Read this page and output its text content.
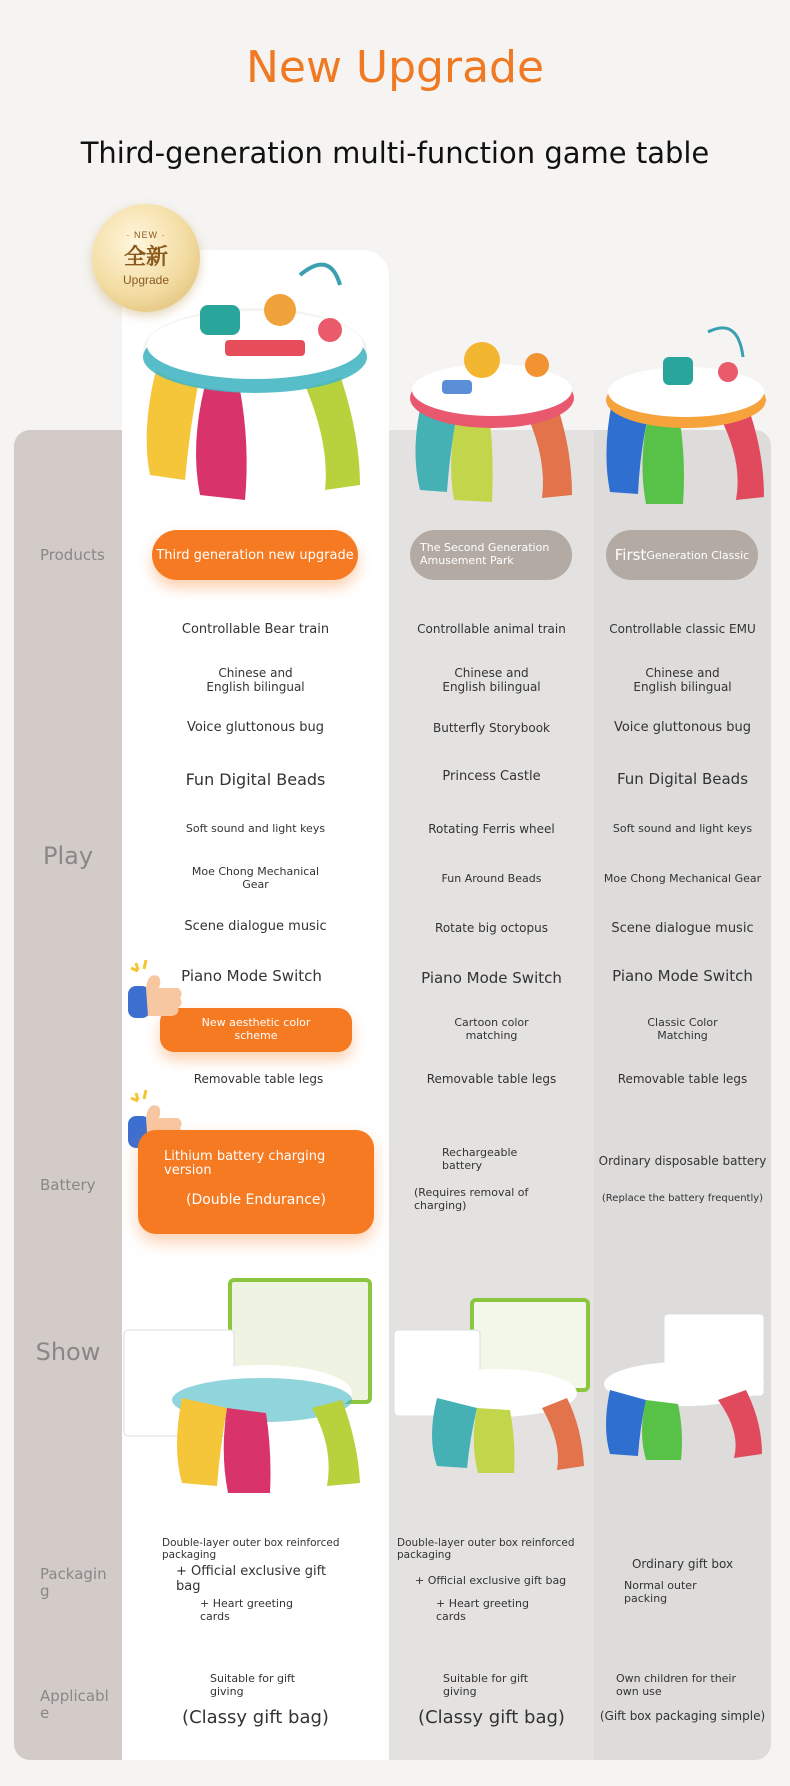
New Upgrade
Third-generation multi-function game table
· NEW ·
全新
Upgrade
Products
Play
Battery
Show
Packagin
g
Applicabl
e
Third generation new upgrade	The Second Generation Amusement Park	First Generation Classic
Controllable Bear train
Chinese and
English bilingual
Voice gluttonous bug
Fun Digital Beads
Soft sound and light keys
Moe Chong Mechanical
Gear
Scene dialogue music
Piano Mode Switch
New aesthetic color
scheme
Removable table legs
Controllable animal train
Chinese and
English bilingual
Butterfly Storybook
Princess Castle
Rotating Ferris wheel
Fun Around Beads
Rotate big octopus
Piano Mode Switch
Cartoon color
matching
Removable table legs
Controllable classic EMU
Chinese and
English bilingual
Voice gluttonous bug
Fun Digital Beads
Soft sound and light keys
Moe Chong Mechanical Gear
Scene dialogue music
Piano Mode Switch
Classic Color
Matching
Removable table legs
Lithium battery charging
version
(Double Endurance)
Rechargeable
battery
(Requires removal of
charging)
Ordinary disposable battery
(Replace the battery frequently)
Double-layer outer box reinforced
packaging
+ Official exclusive gift
bag
+ Heart greeting
cards
Double-layer outer box reinforced
packaging
+ Official exclusive gift bag
+ Heart greeting
cards
Ordinary gift box
Normal outer
packing
Suitable for gift
giving
(Classy gift bag)
Suitable for gift
giving
(Classy gift bag)
Own children for their
own use
(Gift box packaging simple)
